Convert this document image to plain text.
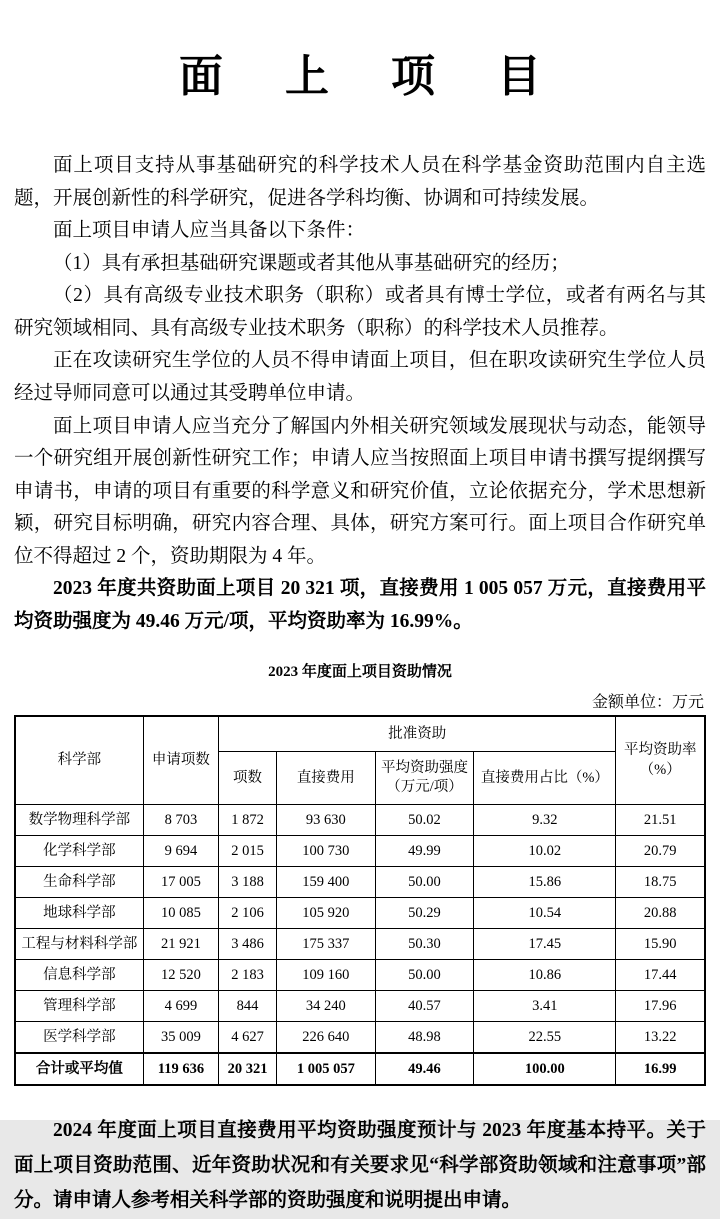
面 上 项 目

面上项目支持从事基础研究的科学技术人员在科学基金资助范围内自主选题，开展创新性的科学研究，促进各学科均衡、协调和可持续发展。

面上项目申请人应当具备以下条件：

（1）具有承担基础研究课题或者其他从事基础研究的经历；

（2）具有高级专业技术职务（职称）或者具有博士学位，或者有两名与其研究领域相同、具有高级专业技术职务（职称）的科学技术人员推荐。

正在攻读研究生学位的人员不得申请面上项目，但在职攻读研究生学位人员经过导师同意可以通过其受聘单位申请。

面上项目申请人应当充分了解国内外相关研究领域发展现状与动态，能领导一个研究组开展创新性研究工作；申请人应当按照面上项目申请书撰写提纲撰写申请书，申请的项目有重要的科学意义和研究价值，立论依据充分，学术思想新颖，研究目标明确，研究内容合理、具体，研究方案可行。面上项目合作研究单位不得超过 2 个，资助期限为 4 年。

2023 年度共资助面上项目 20 321 项，直接费用 1 005 057 万元，直接费用平均资助强度为 49.46 万元/项，平均资助率为 16.99%。

2023 年度面上项目资助情况
金额单位：万元
科学部	申请项数	批准资助				平均资助率（%）
		项数	直接费用	平均资助强度（万元/项）	直接费用占比（%）	
数学物理科学部	8 703	1 872	93 630	50.02	9.32	21.51
化学科学部	9 694	2 015	100 730	49.99	10.02	20.79
生命科学部	17 005	3 188	159 400	50.00	15.86	18.75
地球科学部	10 085	2 106	105 920	50.29	10.54	20.88
工程与材料科学部	21 921	3 486	175 337	50.30	17.45	15.90
信息科学部	12 520	2 183	109 160	50.00	10.86	17.44
管理科学部	4 699	844	34 240	40.57	3.41	17.96
医学科学部	35 009	4 627	226 640	48.98	22.55	13.22
合计或平均值	119 636	20 321	1 005 057	49.46	100.00	16.99

2024 年度面上项目直接费用平均资助强度预计与 2023 年度基本持平。关于面上项目资助范围、近年资助状况和有关要求见“科学部资助领域和注意事项”部分。请申请人参考相关科学部的资助强度和说明提出申请。
